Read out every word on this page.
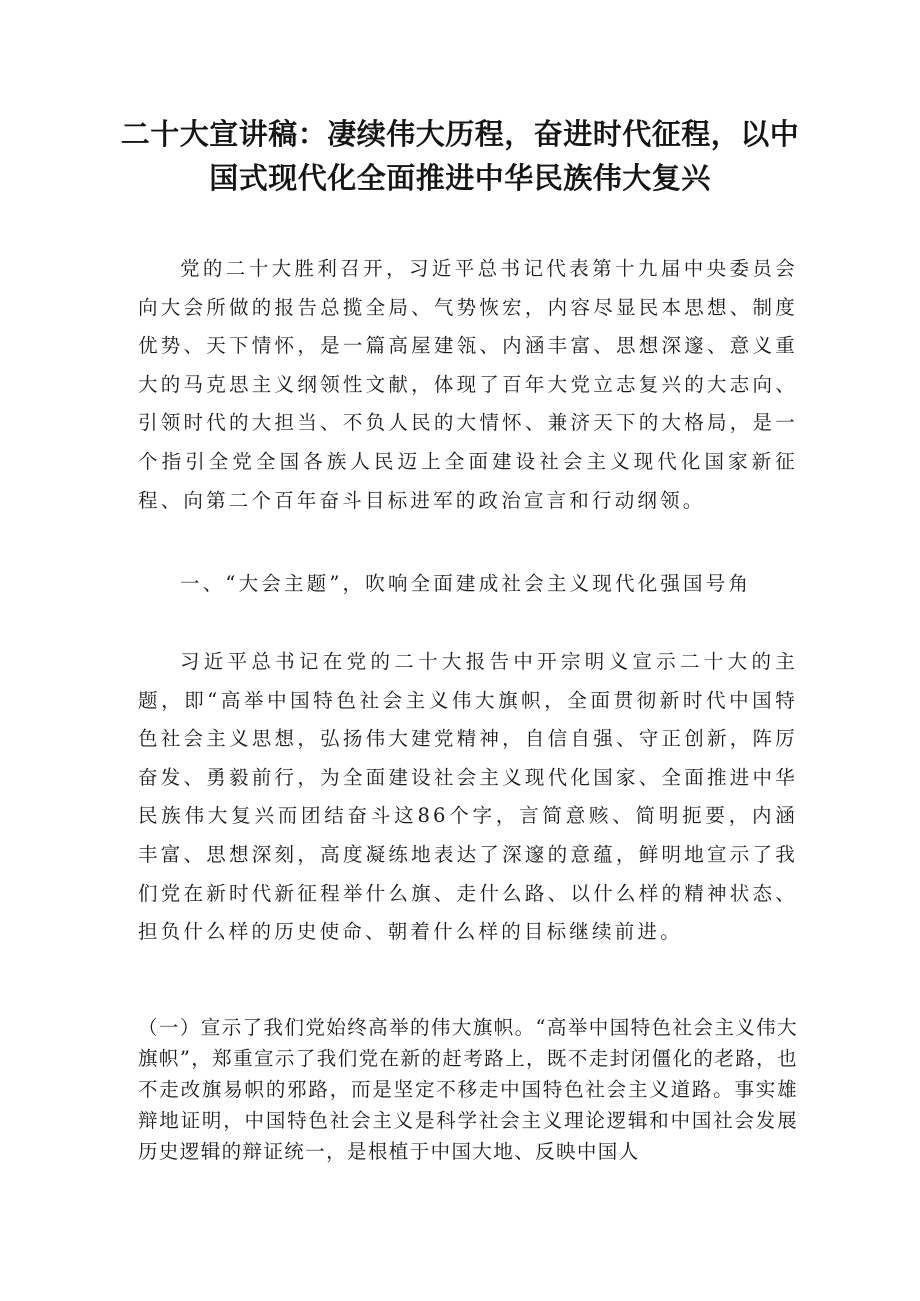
二十大宣讲稿：凄续伟大历程，奋进时代征程，以中
国式现代化全面推进中华民族伟大复兴

党的二十大胜利召开，习近平总书记代表第十九届中央委员会向大会所做的报告总揽全局、气势恢宏，内容尽显民本思想、制度优势、天下情怀，是一篇高屋建瓴、内涵丰富、思想深邃、意义重大的马克思主义纲领性文献，体现了百年大党立志复兴的大志向、引领时代的大担当、不负人民的大情怀、兼济天下的大格局，是一个指引全党全国各族人民迈上全面建设社会主义现代化国家新征程、向第二个百年奋斗目标进军的政治宣言和行动纲领。

一、“大会主题”，吹响全面建成社会主义现代化强国号角

习近平总书记在党的二十大报告中开宗明义宣示二十大的主题，即“高举中国特色社会主义伟大旗帜，全面贯彻新时代中国特色社会主义思想，弘扬伟大建党精神，自信自强、守正创新，阵厉奋发、勇毅前行，为全面建设社会主义现代化国家、全面推进中华民族伟大复兴而团结奋斗这86个字，言简意赅、简明扼要，内涵丰富、思想深刻，高度凝练地表达了深邃的意蕴，鲜明地宣示了我们党在新时代新征程举什么旗、走什么路、以什么样的精神状态、担负什么样的历史使命、朝着什么样的目标继续前进。

（一）宣示了我们党始终高举的伟大旗帜。“高举中国特色社会主义伟大旗帜”，郑重宣示了我们党在新的赶考路上，既不走封闭僵化的老路，也不走改旗易帜的邪路，而是坚定不移走中国特色社会主义道路。事实雄辩地证明，中国特色社会主义是科学社会主义理论逻辑和中国社会发展历史逻辑的辩证统一，是根植于中国大地、反映中国人
